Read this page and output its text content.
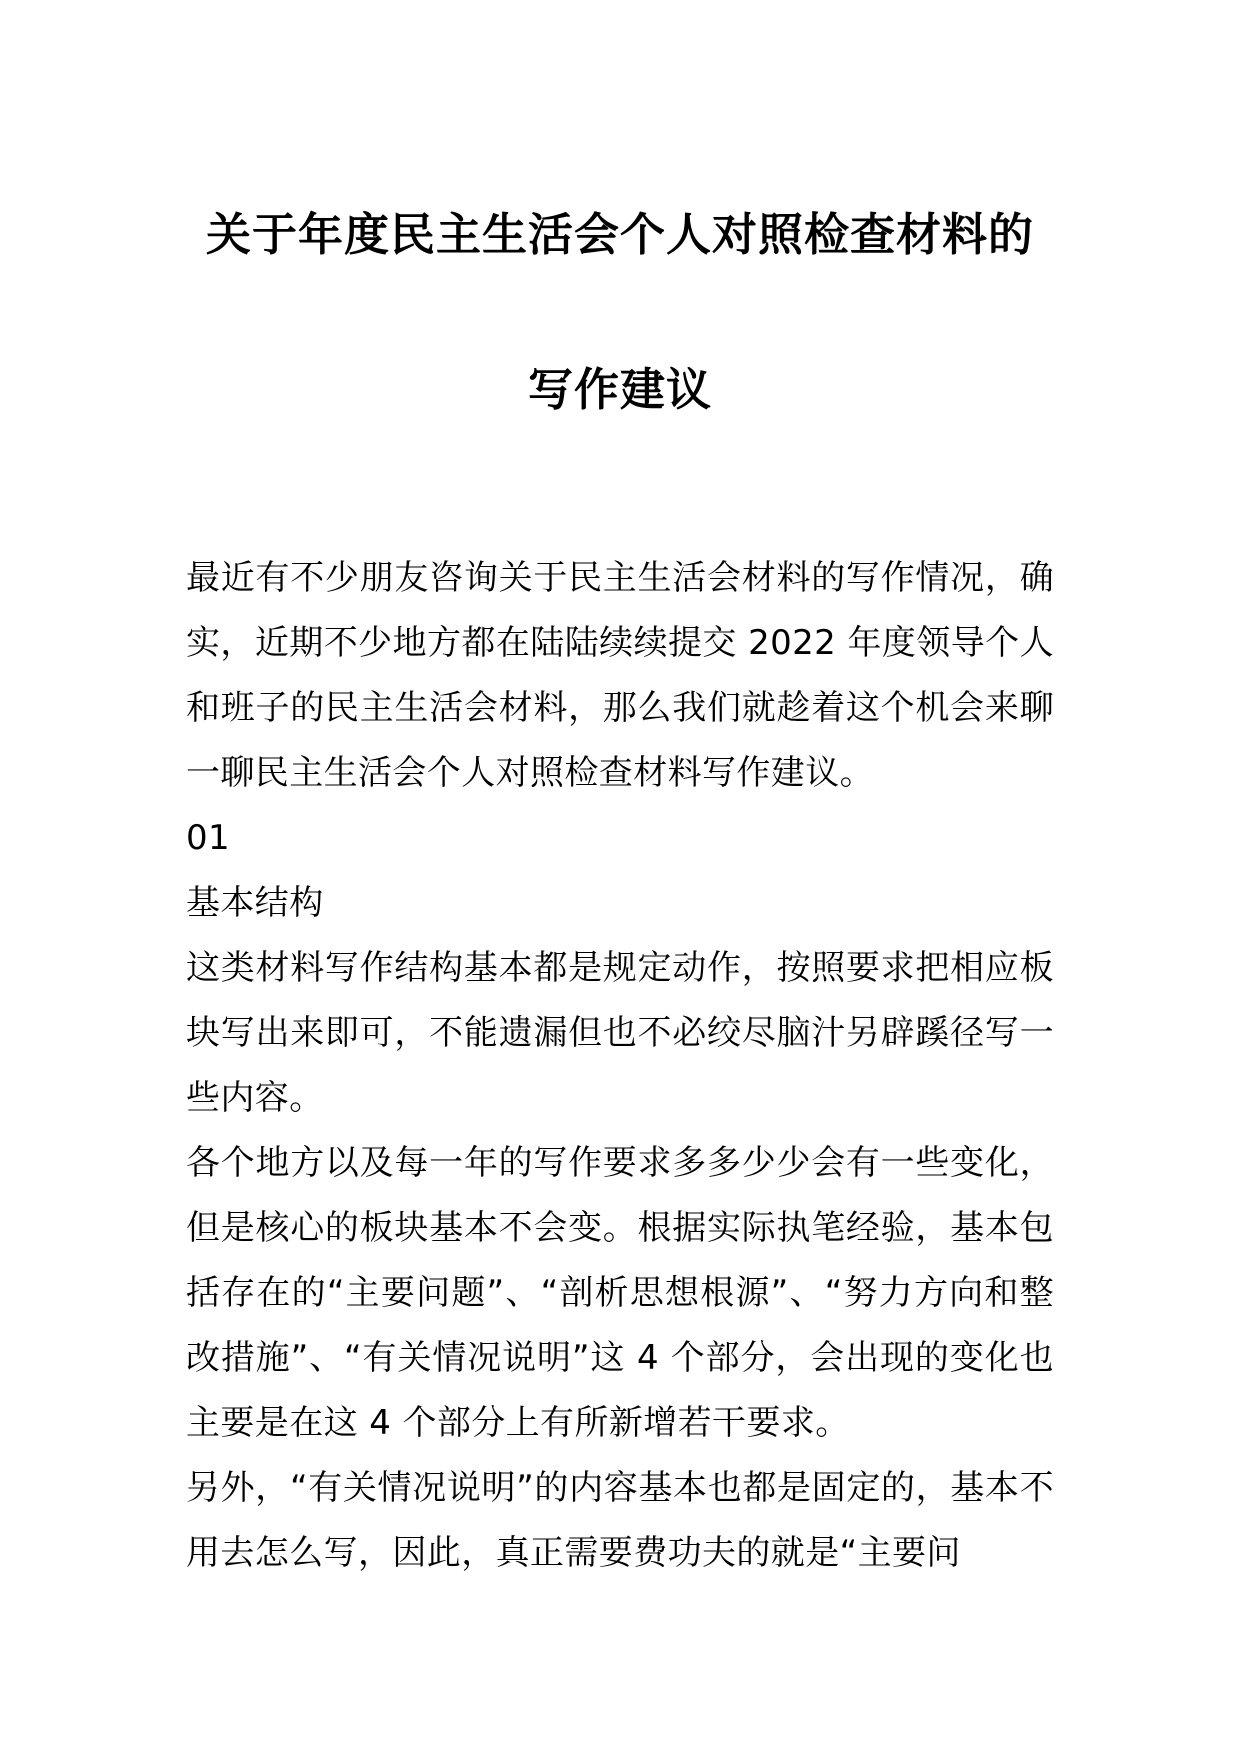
关于年度民主生活会个人对照检查材料的
写作建议

最近有不少朋友咨询关于民主生活会材料的写作情况，确实，近期不少地方都在陆陆续续提交 2022 年度领导个人和班子的民主生活会材料，那么我们就趁着这个机会来聊一聊民主生活会个人对照检查材料写作建议。

01

基本结构

这类材料写作结构基本都是规定动作，按照要求把相应板块写出来即可，不能遗漏但也不必绞尽脑汁另辟蹊径写一些内容。

各个地方以及每一年的写作要求多多少少会有一些变化，但是核心的板块基本不会变。根据实际执笔经验，基本包括存在的“主要问题”、“剖析思想根源”、“努力方向和整改措施”、“有关情况说明”这 4 个部分，会出现的变化也主要是在这 4 个部分上有所新增若干要求。

另外，“有关情况说明”的内容基本也都是固定的，基本不用去怎么写，因此，真正需要费功夫的就是“主要问
